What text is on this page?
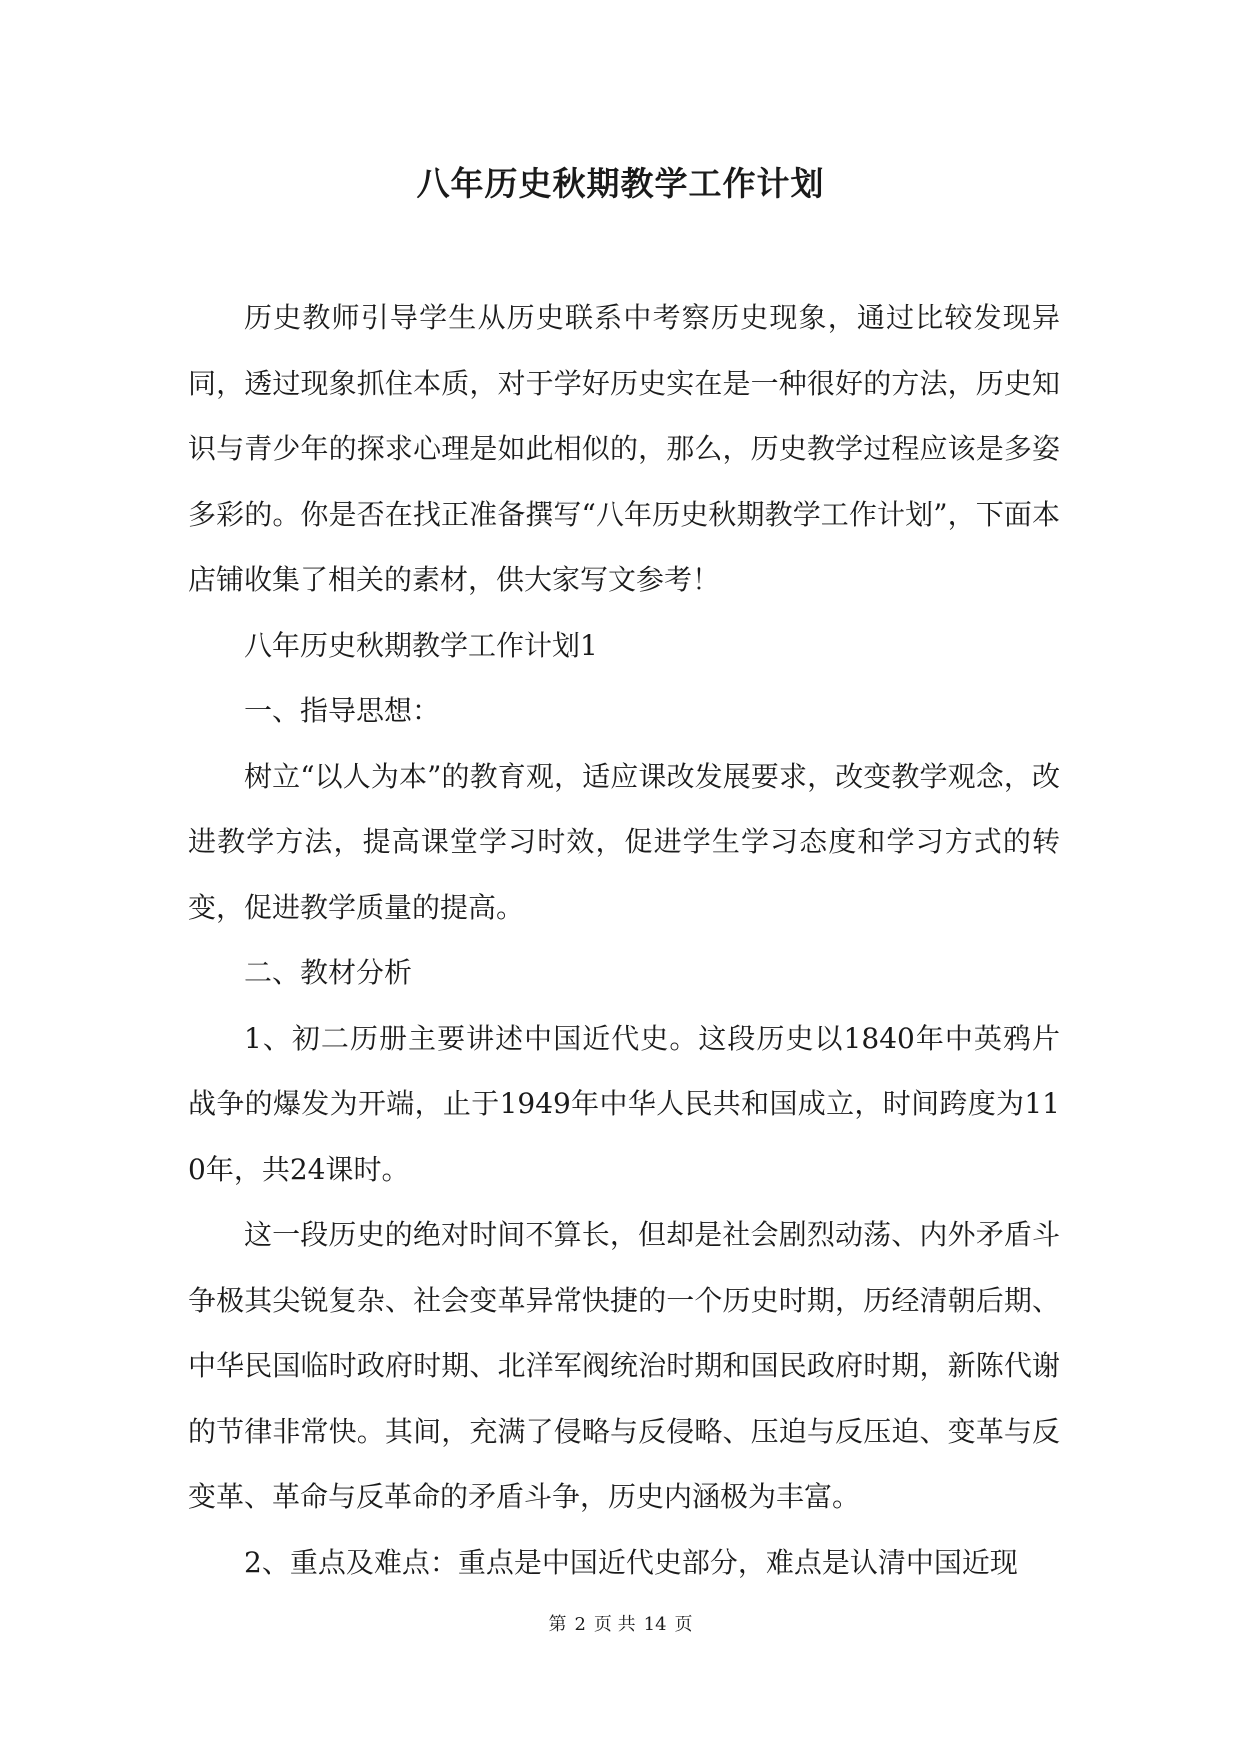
八年历史秋期教学工作计划

历史教师引导学生从历史联系中考察历史现象，通过比较发现异同，透过现象抓住本质，对于学好历史实在是一种很好的方法，历史知识与青少年的探求心理是如此相似的，那么，历史教学过程应该是多姿多彩的。你是否在找正准备撰写“八年历史秋期教学工作计划”，下面本店铺收集了相关的素材，供大家写文参考！

八年历史秋期教学工作计划1

一、指导思想：

树立“以人为本”的教育观，适应课改发展要求，改变教学观念，改进教学方法，提高课堂学习时效，促进学生学习态度和学习方式的转变，促进教学质量的提高。

二、教材分析

1、初二历册主要讲述中国近代史。这段历史以1840年中英鸦片战争的爆发为开端，止于1949年中华人民共和国成立，时间跨度为110年，共24课时。

这一段历史的绝对时间不算长，但却是社会剧烈动荡、内外矛盾斗争极其尖锐复杂、社会变革异常快捷的一个历史时期，历经清朝后期、中华民国临时政府时期、北洋军阀统治时期和国民政府时期，新陈代谢的节律非常快。其间，充满了侵略与反侵略、压迫与反压迫、变革与反变革、革命与反革命的矛盾斗争，历史内涵极为丰富。

2、重点及难点：重点是中国近代史部分，难点是认清中国近现

第 2 页 共 14 页
